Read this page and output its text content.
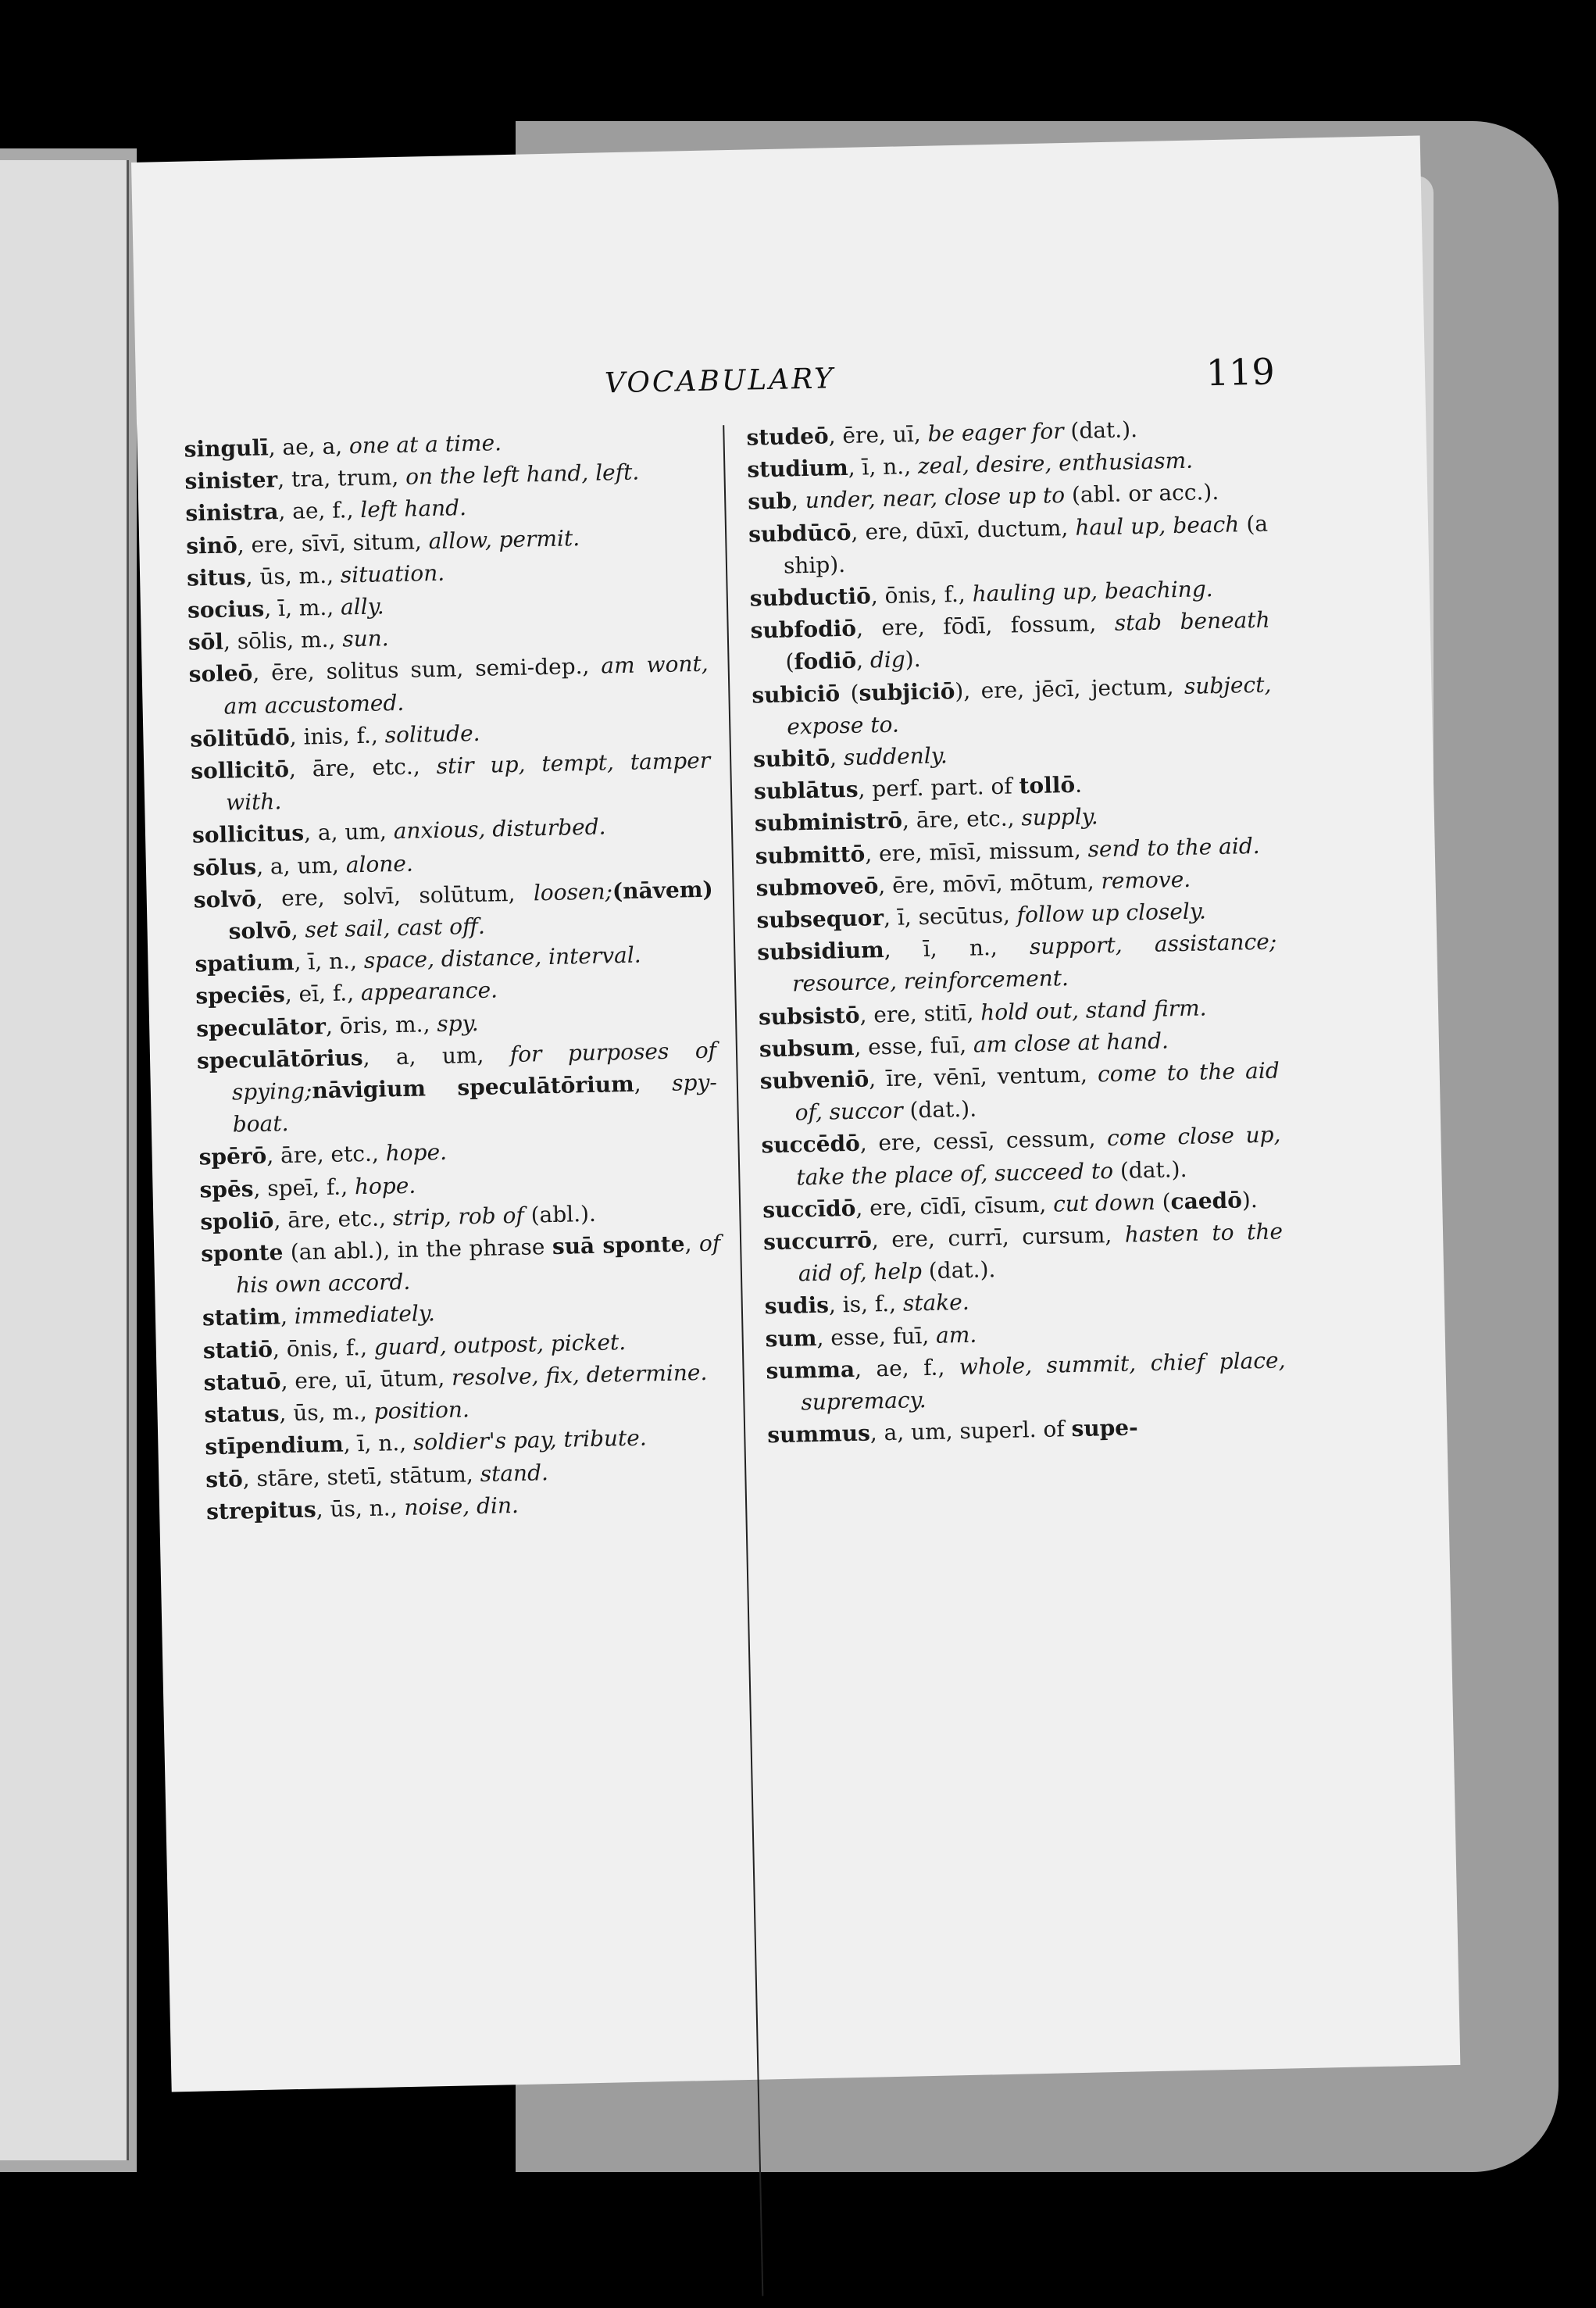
VOCABULARY	119
singulī, ae, a, one at a time.
sinister, tra, trum, on the left hand, left.
sinistra, ae, f., left hand.
sinō, ere, sīvī, situm, allow, permit.
situs, ūs, m., situation.
socius, ī, m., ally.
sōl, sōlis, m., sun.
soleō, ēre, solitus sum, semi-dep., am wont, am accustomed.
sōlitūdō, inis, f., solitude.
sollicitō, āre, etc., stir up, tempt, tamper with.
sollicitus, a, um, anxious, disturbed.
sōlus, a, um, alone.
solvō, ere, solvī, solūtum, loosen;(nāvem) solvō, set sail, cast off.
spatium, ī, n., space, distance, interval.
speciēs, eī, f., appearance.
speculātor, ōris, m., spy.
speculātōrius, a, um, for purposes of spying;nāvigium speculātōrium, spy-boat.
spērō, āre, etc., hope.
spēs, speī, f., hope.
spoliō, āre, etc., strip, rob of (abl.).
sponte (an abl.), in the phrase suā sponte, of his own accord.
statim, immediately.
statiō, ōnis, f., guard, outpost, picket.
statuō, ere, uī, ūtum, resolve, fix, determine.
status, ūs, m., position.
stīpendium, ī, n., soldier's pay, tribute.
stō, stāre, stetī, stātum, stand.
strepitus, ūs, n., noise, din.
studeō, ēre, uī, be eager for (dat.).
studium, ī, n., zeal, desire, enthusiasm.
sub, under, near, close up to (abl. or acc.).
subdūcō, ere, dūxī, ductum, haul up, beach (a ship).
subductiō, ōnis, f., hauling up, beaching.
subfodiō, ere, fōdī, fossum, stab beneath (fodiō, dig).
subiciō (subjiciō), ere, jēcī, jectum, subject, expose to.
subitō, suddenly.
sublātus, perf. part. of tollō.
subministrō, āre, etc., supply.
submittō, ere, mīsī, missum, send to the aid.
submoveō, ēre, mōvī, mōtum, remove.
subsequor, ī, secūtus, follow up closely.
subsidium, ī, n., support, assistance; resource, reinforcement.
subsistō, ere, stitī, hold out, stand firm.
subsum, esse, fuī, am close at hand.
subveniō, īre, vēnī, ventum, come to the aid of, succor (dat.).
succēdō, ere, cessī, cessum, come close up, take the place of, succeed to (dat.).
succīdō, ere, cīdī, cīsum, cut down (caedō).
succurrō, ere, currī, cursum, hasten to the aid of, help (dat.).
sudis, is, f., stake.
sum, esse, fuī, am.
summa, ae, f., whole, summit, chief place, supremacy.
summus, a, um, superl. of supe-
